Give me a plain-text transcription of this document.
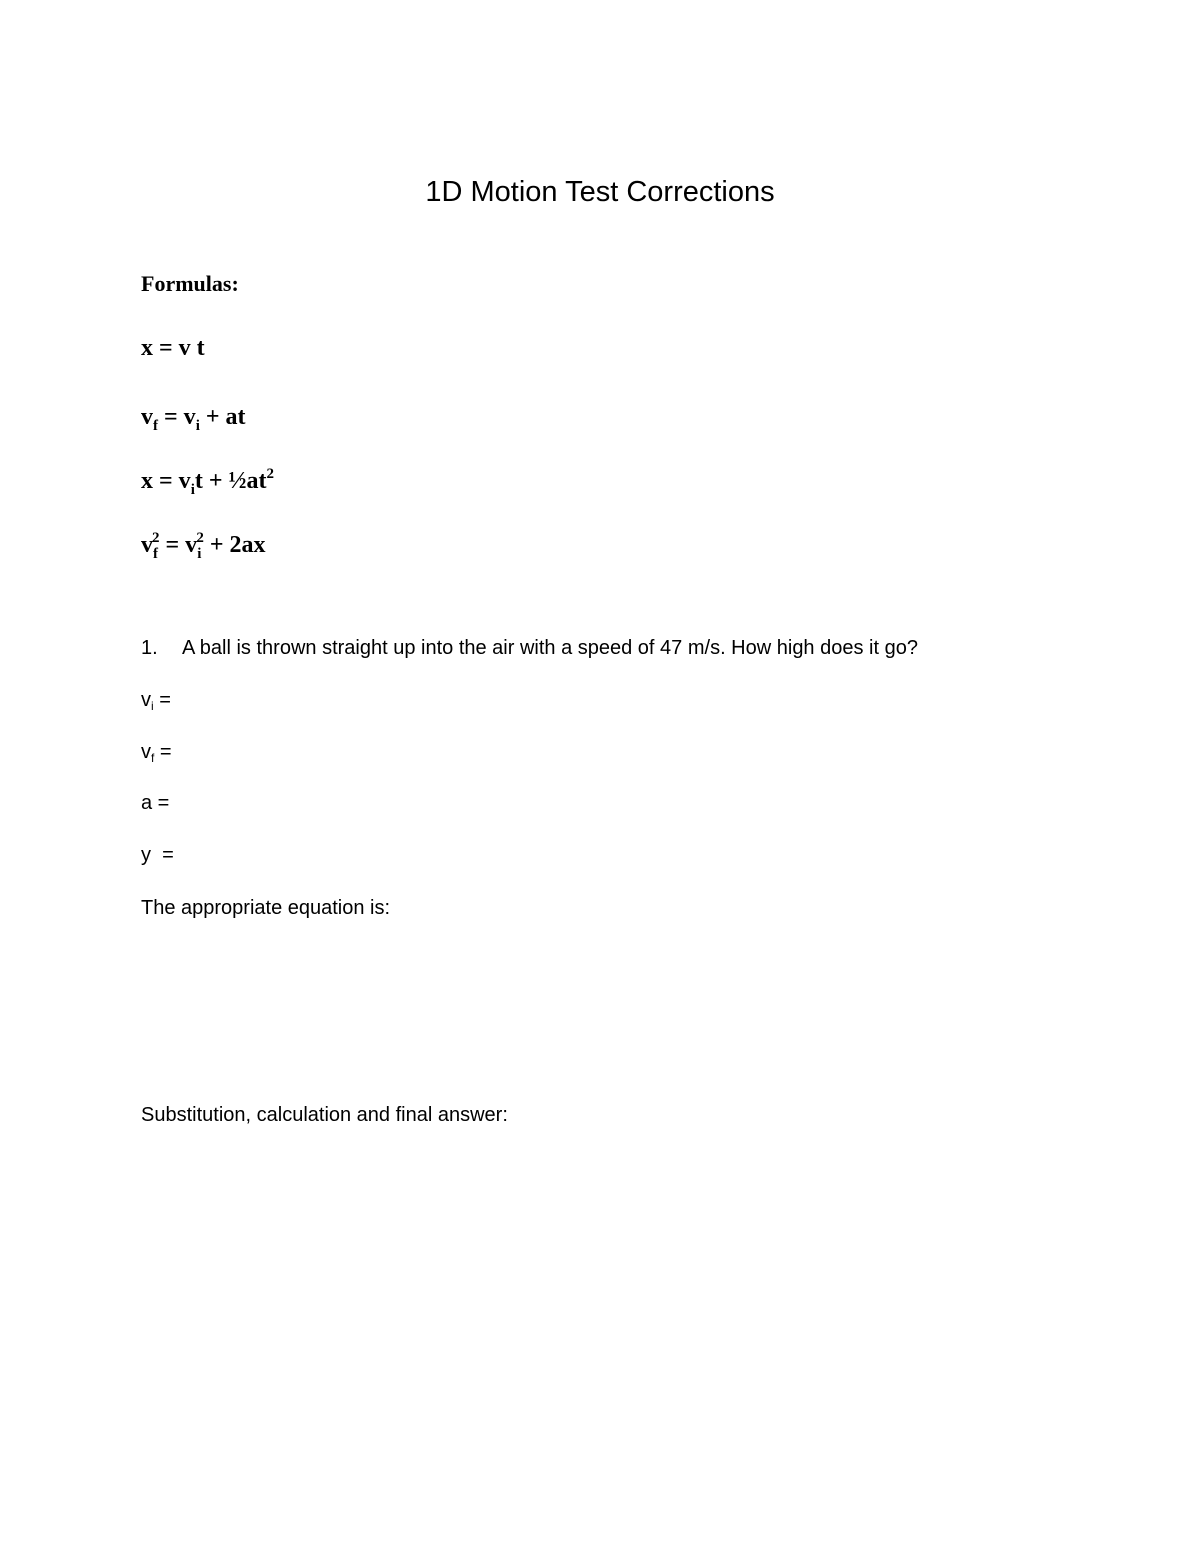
1D Motion Test Corrections
Formulas:
x = v t
$v_f = v_i$ + at
$x = v_it$ + $\frac{1}{2}at^2$
$v_f^2 = v_i^2 + 2ax$
1. A ball is thrown straight up into the air with a speed of 47 m/s. How high does it go?
$v_i$ =
$v_f$ =
a =
y  =
The appropriate equation is:
Substitution, calculation and final answer:
